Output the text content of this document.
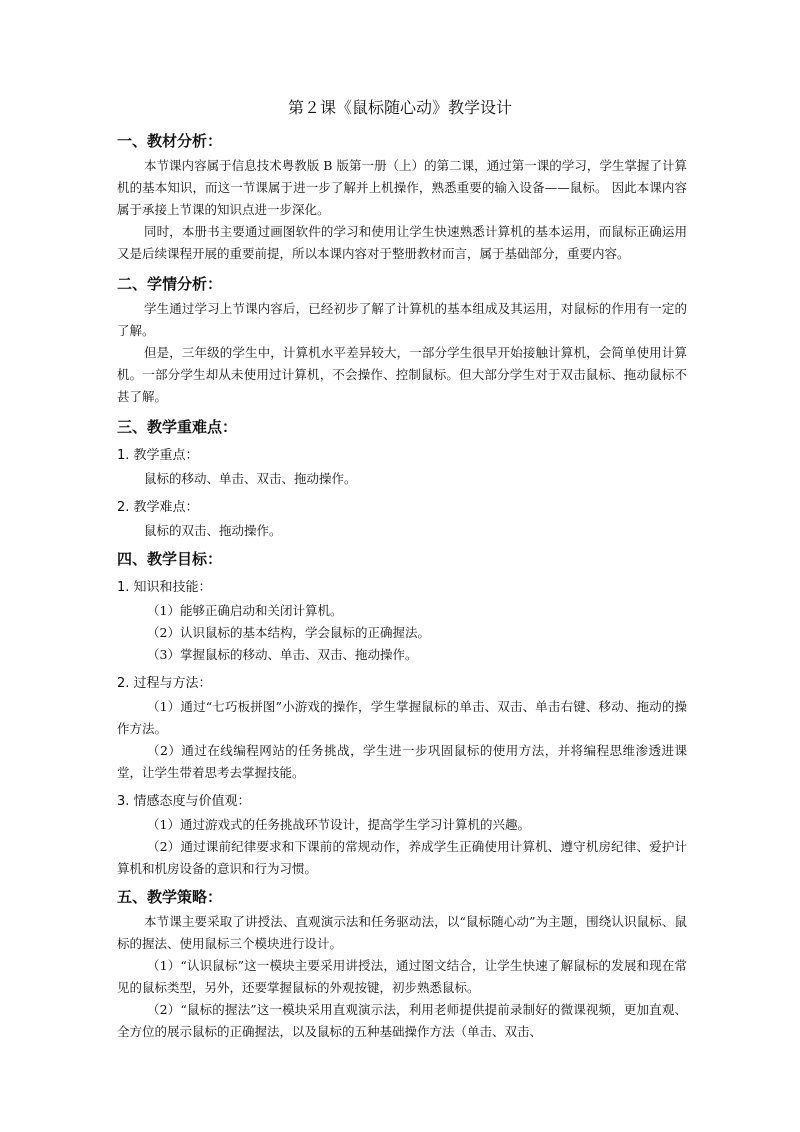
第２课《鼠标随心动》教学设计
一、教材分析：

本节课内容属于信息技术粤教版 B 版第一册（上）的第二课，通过第一课的学习，学生掌握了计算机的基本知识，而这一节课属于进一步了解并上机操作，熟悉重要的输入设备——鼠标。 因此本课内容属于承接上节课的知识点进一步深化。

同时，本册书主要通过画图软件的学习和使用让学生快速熟悉计算机的基本运用，而鼠标正确运用又是后续课程开展的重要前提，所以本课内容对于整册教材而言，属于基础部分，重要内容。

二、学情分析：

学生通过学习上节课内容后，已经初步了解了计算机的基本组成及其运用，对鼠标的作用有一定的了解。

但是，三年级的学生中，计算机水平差异较大，一部分学生很早开始接触计算机，会简单使用计算机。一部分学生却从未使用过计算机，不会操作、控制鼠标。但大部分学生对于双击鼠标、拖动鼠标不甚了解。

三、教学重难点：
1. 教学重点：

鼠标的移动、单击、双击、拖动操作。

2. 教学难点：

鼠标的双击、拖动操作。

四、教学目标：
1. 知识和技能：

（1）能够正确启动和关闭计算机。

（2）认识鼠标的基本结构，学会鼠标的正确握法。

（3）掌握鼠标的移动、单击、双击、拖动操作。

2. 过程与方法：

（1）通过“七巧板拼图”小游戏的操作，学生掌握鼠标的单击、双击、单击右键、移动、拖动的操作方法。

（2）通过在线编程网站的任务挑战，学生进一步巩固鼠标的使用方法，并将编程思维渗透进课堂，让学生带着思考去掌握技能。

3. 情感态度与价值观：

（1）通过游戏式的任务挑战环节设计，提高学生学习计算机的兴趣。

（2）通过课前纪律要求和下课前的常规动作，养成学生正确使用计算机、遵守机房纪律、爱护计算机和机房设备的意识和行为习惯。

五、教学策略：

本节课主要采取了讲授法、直观演示法和任务驱动法，以“鼠标随心动”为主题，围绕认识鼠标、鼠标的握法、使用鼠标三个模块进行设计。

（1）“认识鼠标”这一模块主要采用讲授法，通过图文结合，让学生快速了解鼠标的发展和现在常见的鼠标类型，另外，还要掌握鼠标的外观按键，初步熟悉鼠标。

（2）“鼠标的握法”这一模块采用直观演示法，利用老师提供提前录制好的微课视频，更加直观、全方位的展示鼠标的正确握法，以及鼠标的五种基础操作方法（单击、双击、
